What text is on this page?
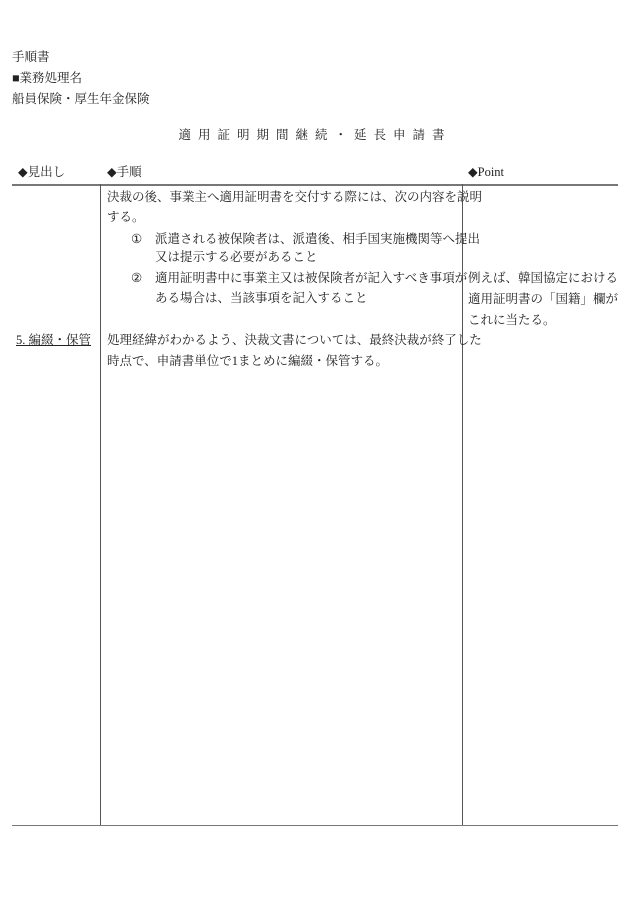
手順書
■業務処理名
船員保険・厚生年金保険
適用証明期間継続・延長申請書
◆見出し	◆手順	◆Point
5. 編綴・保管
決裁の後、事業主へ適用証明書を交付する際には、次の内容を説明
する。
① 派遣される被保険者は、派遣後、相手国実施機関等へ提出
又は提示する必要があること
② 適用証明書中に事業主又は被保険者が記入すべき事項が
ある場合は、当該事項を記入すること
処理経緯がわかるよう、決裁文書については、最終決裁が終了した
時点で、申請書単位で1まとめに編綴・保管する。
例えば、韓国協定における
適用証明書の「国籍」欄が
これに当たる。
